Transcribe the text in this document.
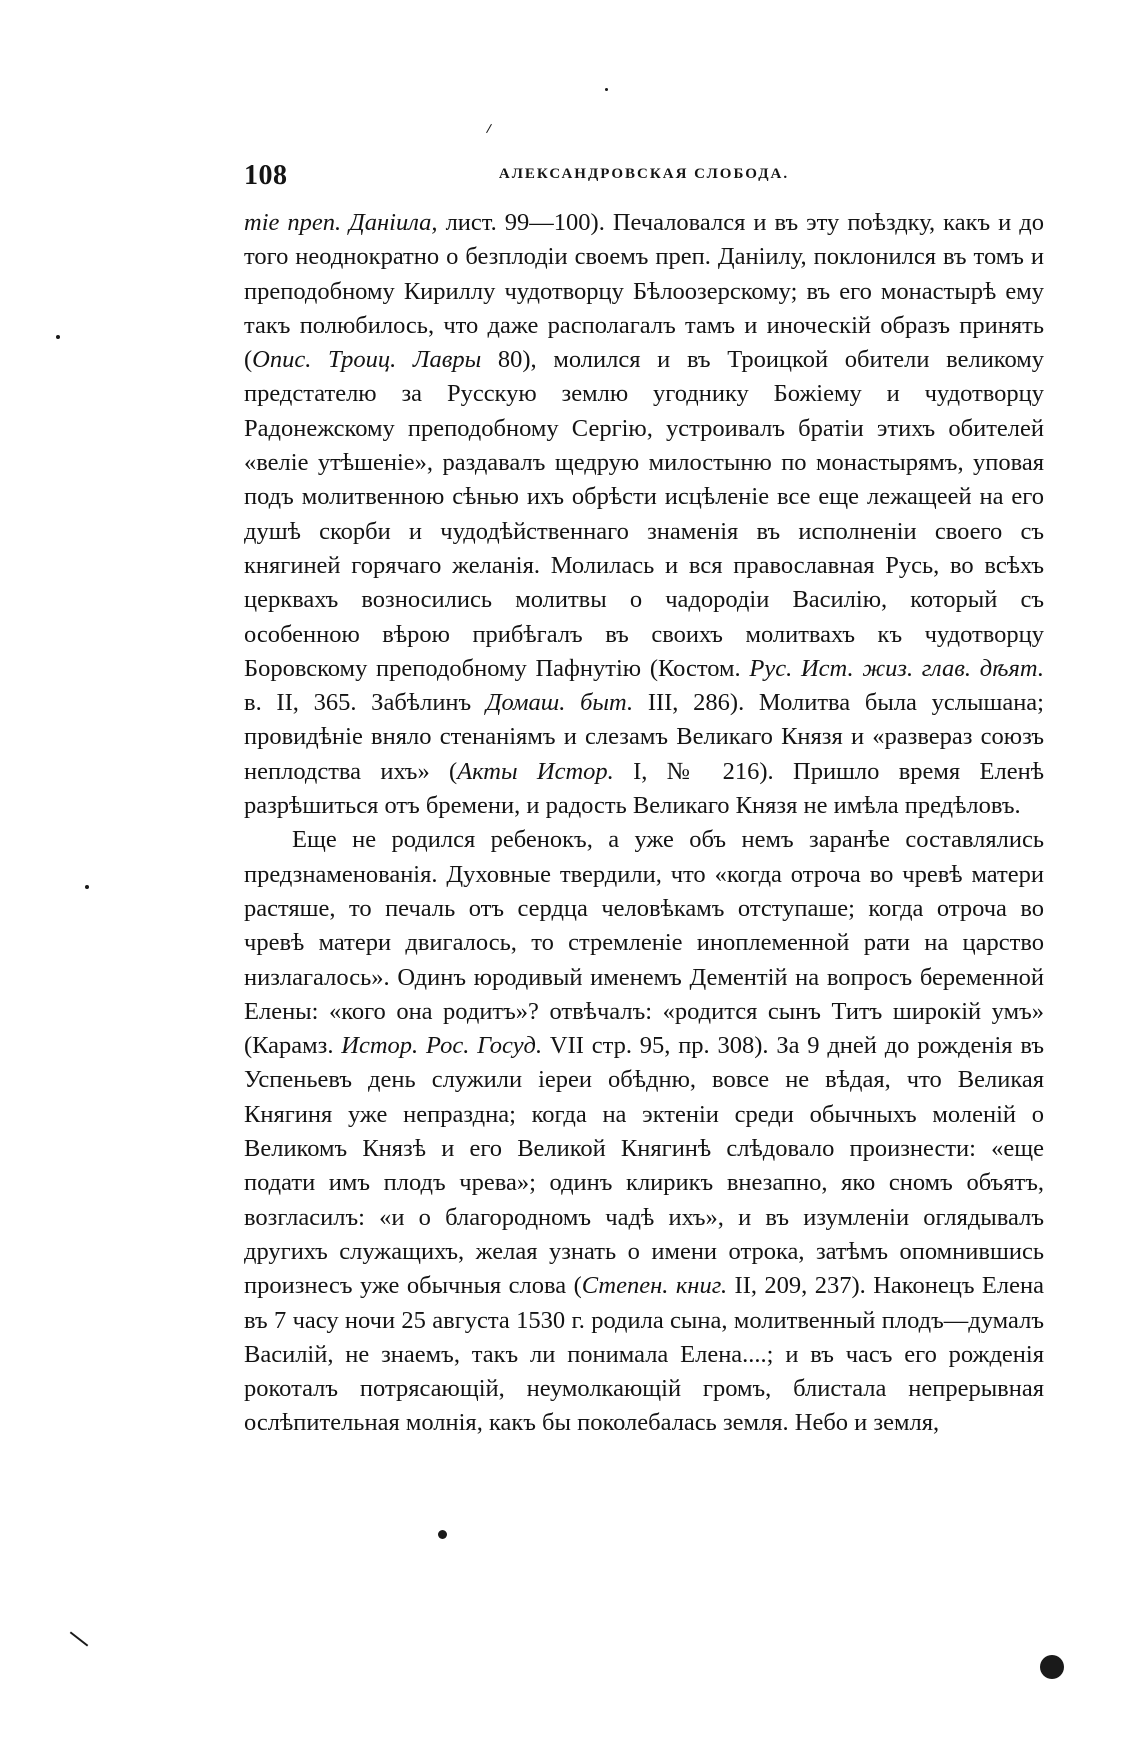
108	АЛЕКСАНДРОВСКАЯ СЛОБОДА.

тіе преп. Даніила, лист. 99—100). Печаловался и въ эту поѣздку, какъ и до того неоднократно о безплодіи своемъ преп. Даніилу, поклонился въ томъ и преподобному Кириллу чудотворцу Бѣлоозерскому; въ его монастырѣ ему такъ полюбилось, что даже располагалъ тамъ и иноческій образъ принять (Опис. Троиц. Лавры 80), молился и въ Троицкой обители великому предстателю за Русскую землю угоднику Божіему и чудотворцу Радонежскому преподобному Сергію, устроивалъ братіи этихъ обителей «веліе утѣшеніе», раздавалъ щедрую милостыню по монастырямъ, уповая подъ молитвенною сѣнью ихъ обрѣсти исцѣленіе все еще лежащеей на его душѣ скорби и чудодѣйственнаго знаменія въ исполненіи своего съ княгиней горячаго желанія. Молилась и вся православная Русь, во всѣхъ церквахъ возносились молитвы о чадородіи Василію, который съ особенною вѣрою прибѣгалъ въ своихъ молитвахъ къ чудотворцу Боровскому преподобному Пафнутію (Костом. Рус. Ист. жиз. глав. дѣят. в. II, 365. Забѣлинъ Домаш. быт. III, 286). Молитва была услышана; провидѣніе вняло стенаніямъ и слезамъ Великаго Князя и «развераз союзъ неплодства ихъ» (Акты Истор. I, № 216). Пришло время Еленѣ разрѣшиться отъ бремени, и радость Великаго Князя не имѣла предѣловъ.

Еще не родился ребенокъ, а уже объ немъ заранѣе составлялись предзнаменованія. Духовные твердили, что «когда отроча во чревѣ матери растяше, то печаль отъ сердца человѣкамъ отступаше; когда отроча во чревѣ матери двигалось, то стремленіе иноплеменной рати на царство низлагалось». Одинъ юродивый именемъ Дементій на вопросъ беременной Елены: «кого она родитъ»? отвѣчалъ: «родится сынъ Титъ широкій умъ» (Карамз. Истор. Рос. Госуд. VII стр. 95, пр. 308). За 9 дней до рожденія въ Успеньевъ день служили іереи обѣдню, вовсе не вѣдая, что Великая Княгиня уже непраздна; когда на эктеніи среди обычныхъ моленій о Великомъ Князѣ и его Великой Княгинѣ слѣдовало произнести: «еще подати имъ плодъ чрева»; одинъ клирикъ внезапно, яко сномъ объятъ, возгласилъ: «и о благородномъ чадѣ ихъ», и въ изумленіи оглядывалъ другихъ служащихъ, желая узнать о имени отрока, затѣмъ опомнившись произнесъ уже обычныя слова (Степен. книг. II, 209, 237). Наконецъ Елена въ 7 часу ночи 25 августа 1530 г. родила сына, молитвенный плодъ—думалъ Василій, не знаемъ, такъ ли понимала Елена....; и въ часъ его рожденія рокоталъ потрясающій, неумолкающій громъ, блистала непрерывная ослѣпительная молнія, какъ бы поколебалась земля. Небо и земля,
